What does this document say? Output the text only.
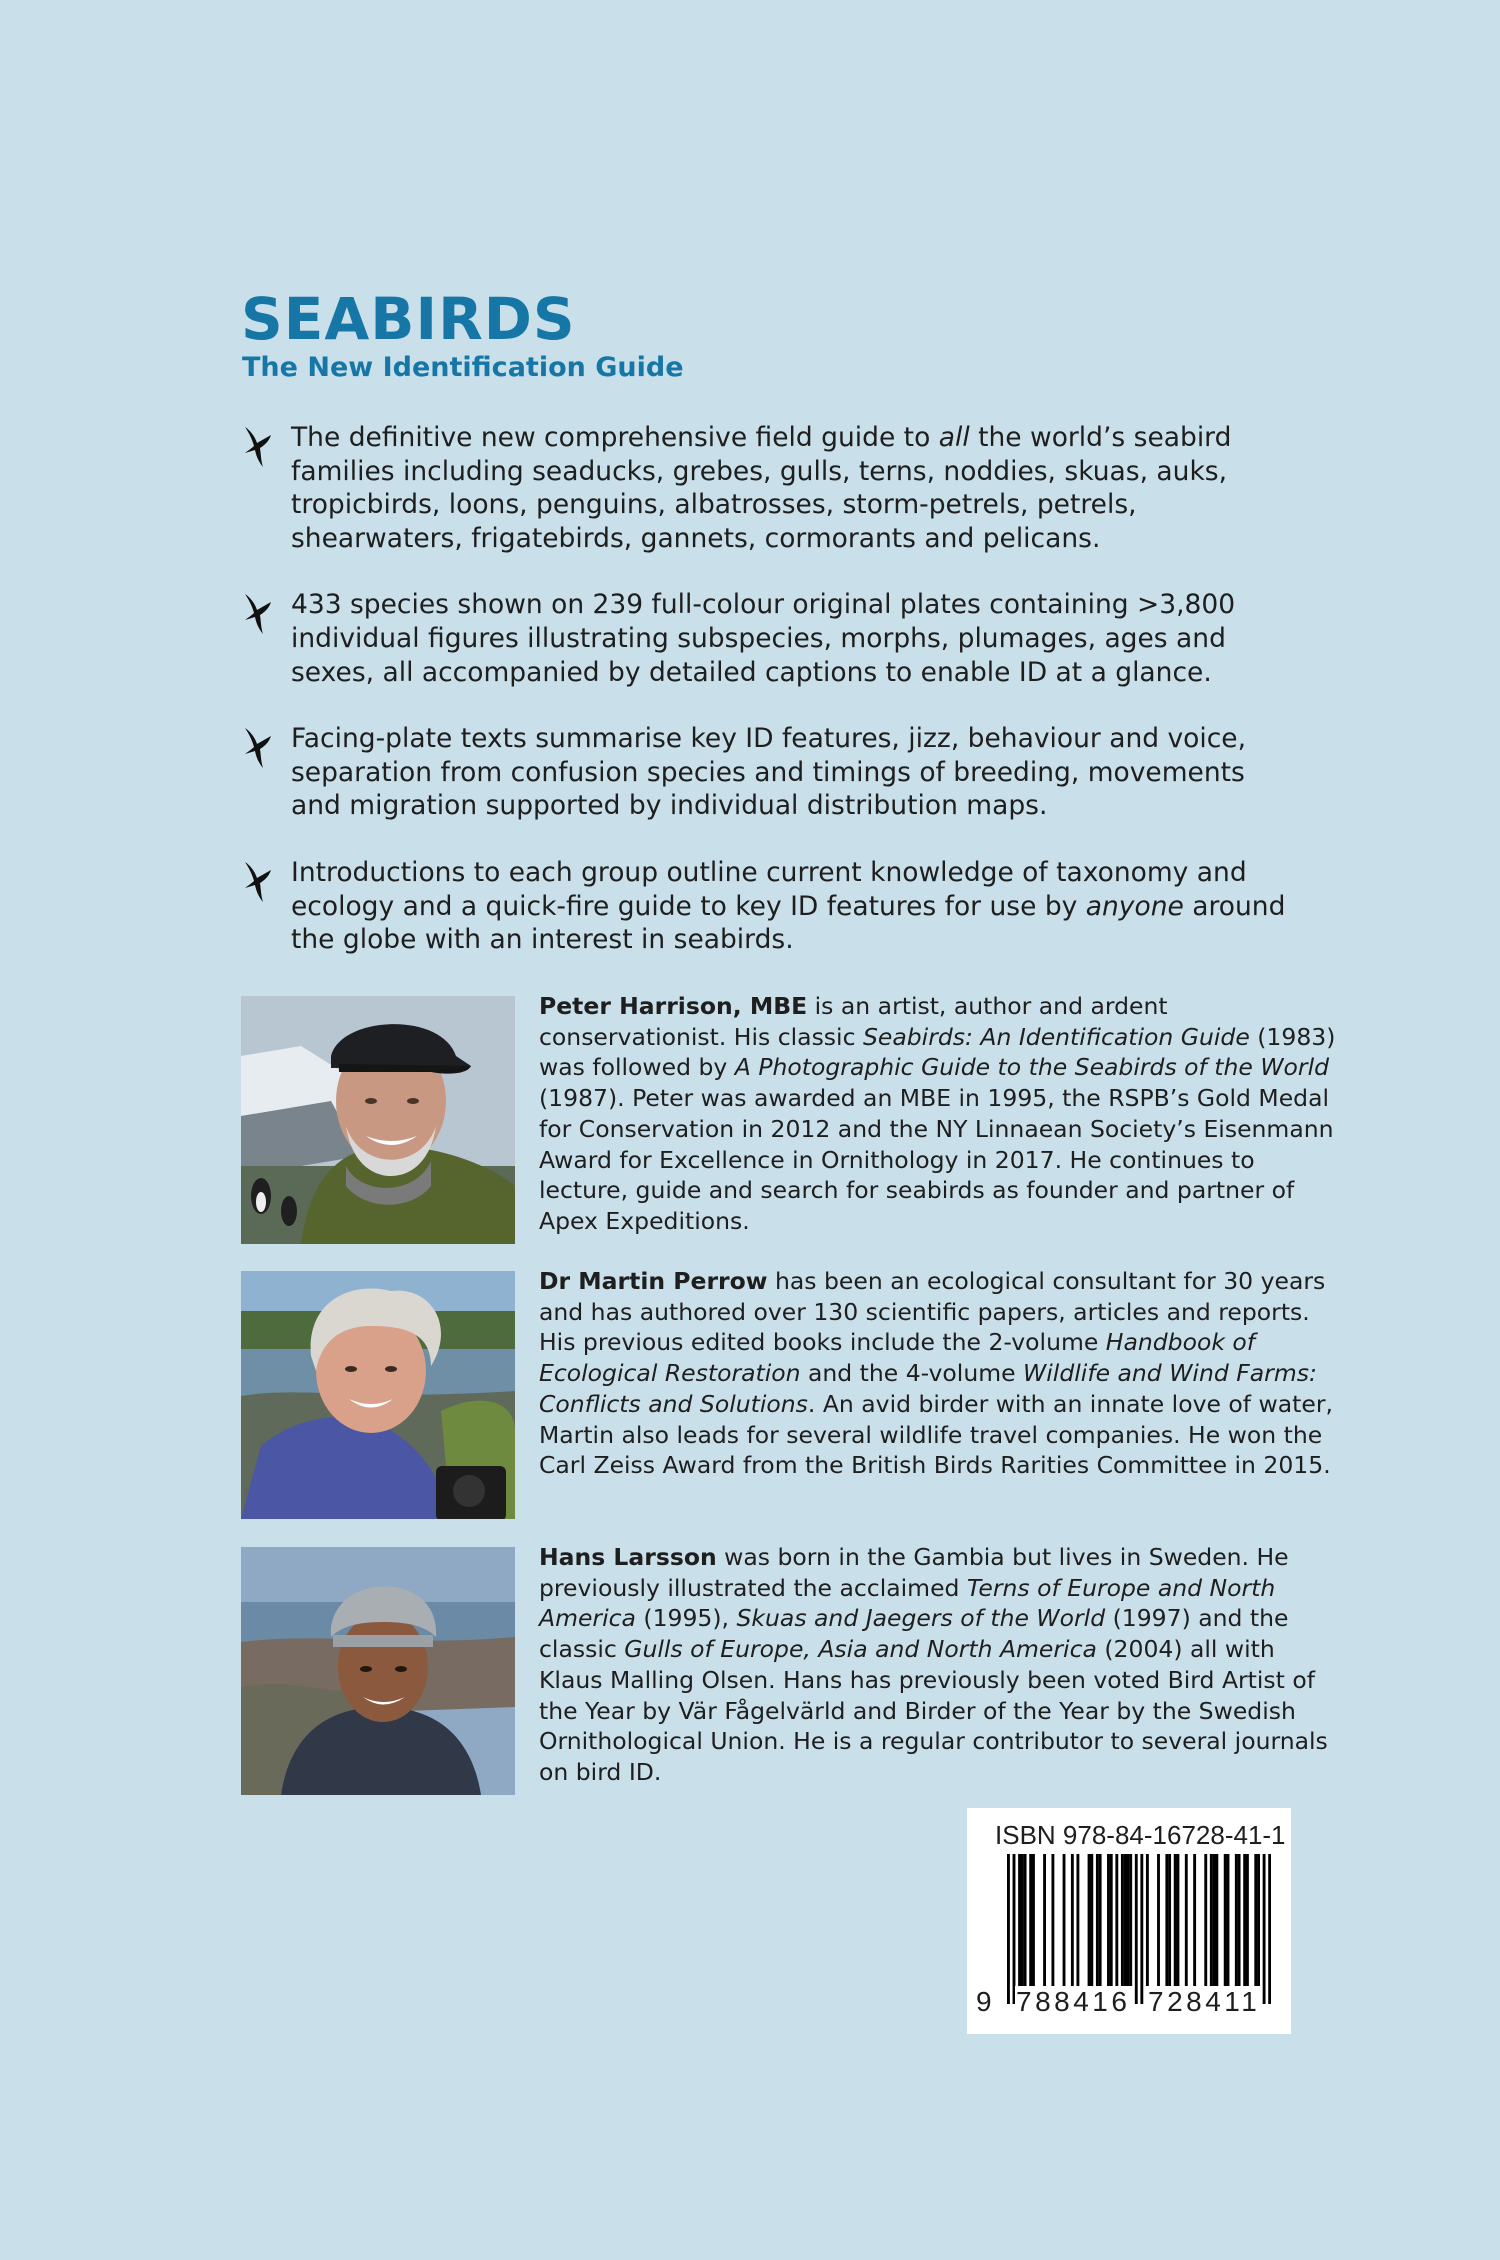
SEABIRDS
The New Identification Guide
The definitive new comprehensive field guide to all the world’s seabird families including seaducks, grebes, gulls, terns, noddies, skuas, auks, tropicbirds, loons, penguins, albatrosses, storm-petrels, petrels, shearwaters, frigatebirds, gannets, cormorants and pelicans.
433 species shown on 239 full-colour original plates containing >3,800 individual figures illustrating subspecies, morphs, plumages, ages and sexes, all accompanied by detailed captions to enable ID at a glance.
Facing-plate texts summarise key ID features, jizz, behaviour and voice, separation from confusion species and timings of breeding, movements and migration supported by individual distribution maps.
Introductions to each group outline current knowledge of taxonomy and ecology and a quick-fire guide to key ID features for use by anyone around the globe with an interest in seabirds.
Peter Harrison, MBE is an artist, author and ardent conservationist. His classic Seabirds: An Identification Guide (1983) was followed by A Photographic Guide to the Seabirds of the World (1987). Peter was awarded an MBE in 1995, the RSPB’s Gold Medal for Conservation in 2012 and the NY Linnaean Society’s Eisenmann Award for Excellence in Ornithology in 2017. He continues to lecture, guide and search for seabirds as founder and partner of Apex Expeditions.
Dr Martin Perrow has been an ecological consultant for 30 years and has authored over 130 scientific papers, articles and reports. His previous edited books include the 2-volume Handbook of Ecological Restoration and the 4-volume Wildlife and Wind Farms: Conflicts and Solutions. An avid birder with an innate love of water, Martin also leads for several wildlife travel companies. He won the Carl Zeiss Award from the British Birds Rarities Committee in 2015.
Hans Larsson was born in the Gambia but lives in Sweden. He previously illustrated the acclaimed Terns of Europe and North America (1995), Skuas and Jaegers of the World (1997) and the classic Gulls of Europe, Asia and North America (2004) all with Klaus Malling Olsen. Hans has previously been voted Bird Artist of the Year by Vär Fågelvärld and Birder of the Year by the Swedish Ornithological Union. He is a regular contributor to several journals on bird ID.
ISBN 978-84-16728-41-1
9 788416 728411
